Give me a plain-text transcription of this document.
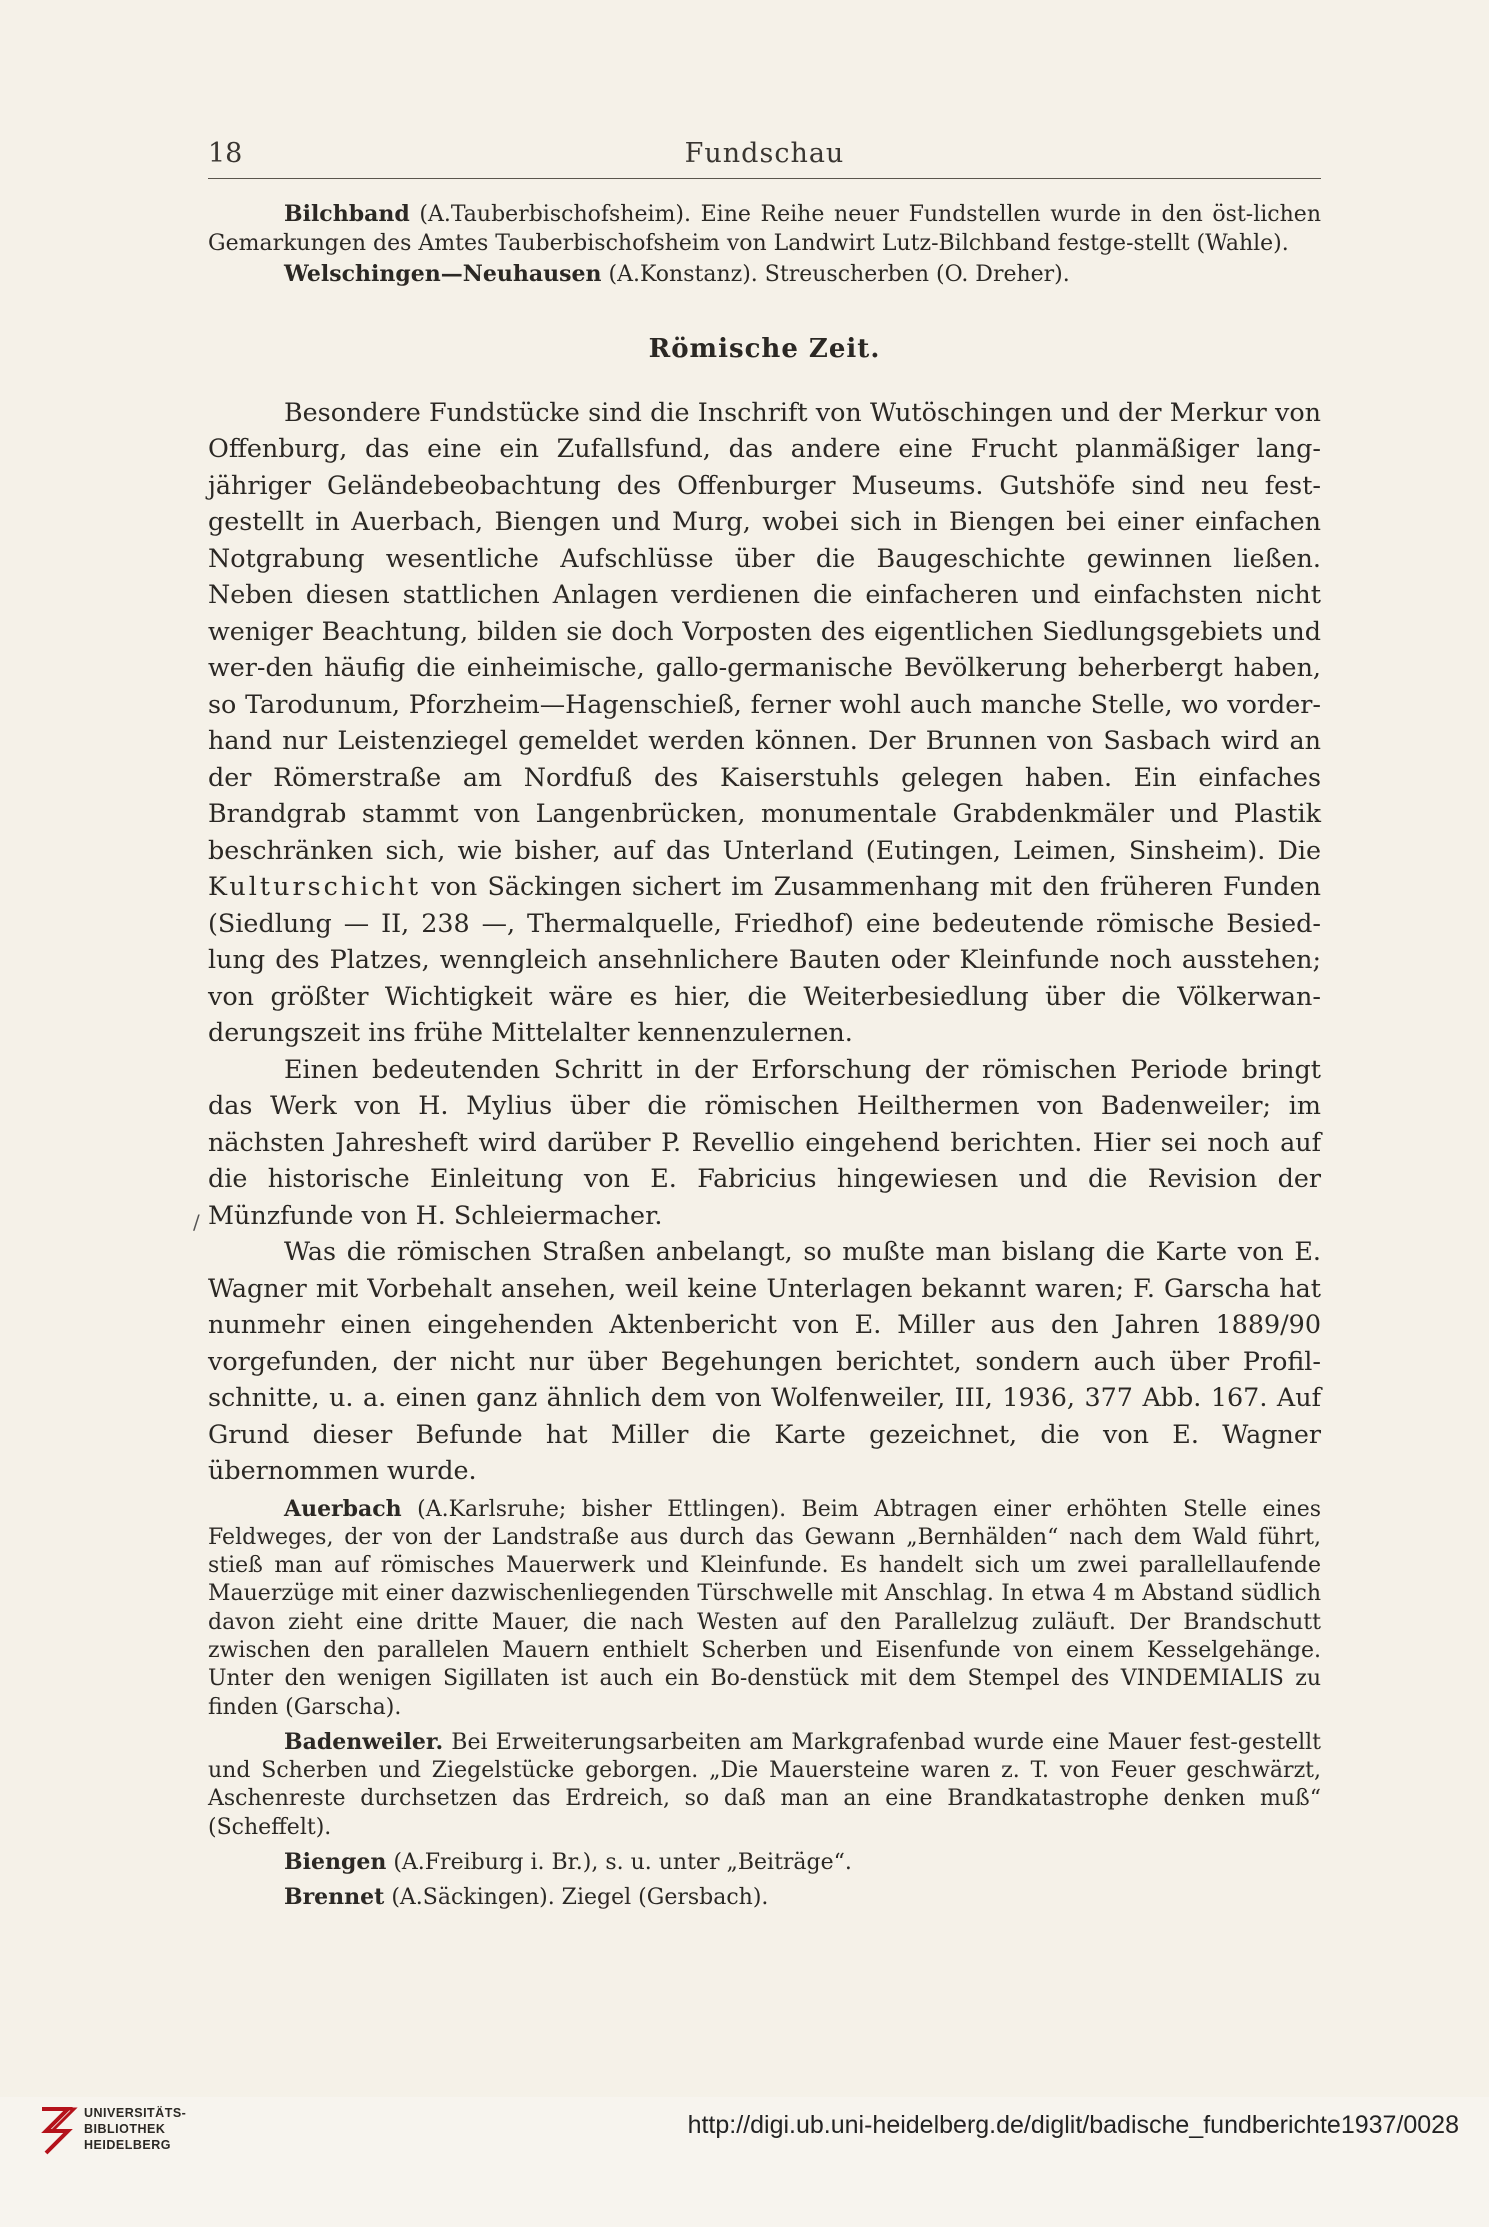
18	Fundschau

Bilchband (A.Tauberbischofsheim). Eine Reihe neuer Fundstellen wurde in den öst-lichen Gemarkungen des Amtes Tauberbischofsheim von Landwirt Lutz-Bilchband festge-stellt (Wahle).

Welschingen—Neuhausen (A.Konstanz). Streuscherben (O. Dreher).

Römische Zeit.

Besondere Fundstücke sind die Inschrift von Wutöschingen und der Merkur von Offenburg, das eine ein Zufallsfund, das andere eine Frucht planmäßiger lang-jähriger Geländebeobachtung des Offenburger Museums. Gutshöfe sind neu fest-gestellt in Auerbach, Biengen und Murg, wobei sich in Biengen bei einer einfachen Notgrabung wesentliche Aufschlüsse über die Baugeschichte gewinnen ließen. Neben diesen stattlichen Anlagen verdienen die einfacheren und einfachsten nicht weniger Beachtung, bilden sie doch Vorposten des eigentlichen Siedlungsgebiets und wer-den häufig die einheimische, gallo-germanische Bevölkerung beherbergt haben, so Tarodunum, Pforzheim—Hagenschieß, ferner wohl auch manche Stelle, wo vorder-hand nur Leistenziegel gemeldet werden können. Der Brunnen von Sasbach wird an der Römerstraße am Nordfuß des Kaiserstuhls gelegen haben. Ein einfaches Brandgrab stammt von Langenbrücken, monumentale Grabdenkmäler und Plastik beschränken sich, wie bisher, auf das Unterland (Eutingen, Leimen, Sinsheim). Die Kulturschicht von Säckingen sichert im Zusammenhang mit den früheren Funden (Siedlung — II, 238 —, Thermalquelle, Friedhof) eine bedeutende römische Besied-lung des Platzes, wenngleich ansehnlichere Bauten oder Kleinfunde noch ausstehen; von größter Wichtigkeit wäre es hier, die Weiterbesiedlung über die Völkerwan-derungszeit ins frühe Mittelalter kennenzulernen.

Einen bedeutenden Schritt in der Erforschung der römischen Periode bringt das Werk von H. Mylius über die römischen Heilthermen von Badenweiler; im nächsten Jahresheft wird darüber P. Revellio eingehend berichten. Hier sei noch auf die historische Einleitung von E. Fabricius hingewiesen und die Revision der Münzfunde von H. Schleiermacher.

Was die römischen Straßen anbelangt, so mußte man bislang die Karte von E. Wagner mit Vorbehalt ansehen, weil keine Unterlagen bekannt waren; F. Garscha hat nunmehr einen eingehenden Aktenbericht von E. Miller aus den Jahren 1889/90 vorgefunden, der nicht nur über Begehungen berichtet, sondern auch über Profil-schnitte, u. a. einen ganz ähnlich dem von Wolfenweiler, III, 1936, 377 Abb. 167. Auf Grund dieser Befunde hat Miller die Karte gezeichnet, die von E. Wagner übernommen wurde.

Auerbach (A.Karlsruhe; bisher Ettlingen). Beim Abtragen einer erhöhten Stelle eines Feldweges, der von der Landstraße aus durch das Gewann „Bernhälden“ nach dem Wald führt, stieß man auf römisches Mauerwerk und Kleinfunde. Es handelt sich um zwei parallellaufende Mauerzüge mit einer dazwischenliegenden Türschwelle mit Anschlag. In etwa 4 m Abstand südlich davon zieht eine dritte Mauer, die nach Westen auf den Parallelzug zuläuft. Der Brandschutt zwischen den parallelen Mauern enthielt Scherben und Eisenfunde von einem Kesselgehänge. Unter den wenigen Sigillaten ist auch ein Bo-denstück mit dem Stempel des VINDEMIALIS zu finden (Garscha).

Badenweiler. Bei Erweiterungsarbeiten am Markgrafenbad wurde eine Mauer fest-gestellt und Scherben und Ziegelstücke geborgen. „Die Mauersteine waren z. T. von Feuer geschwärzt, Aschenreste durchsetzen das Erdreich, so daß man an eine Brandkatastrophe denken muß“ (Scheffelt).

Biengen (A.Freiburg i. Br.), s. u. unter „Beiträge“.

Brennet (A.Säckingen). Ziegel (Gersbach).

/
UNIVERSITÄTS-
BIBLIOTHEK
HEIDELBERG
http://digi.ub.uni-heidelberg.de/diglit/badische_fundberichte1937/0028
